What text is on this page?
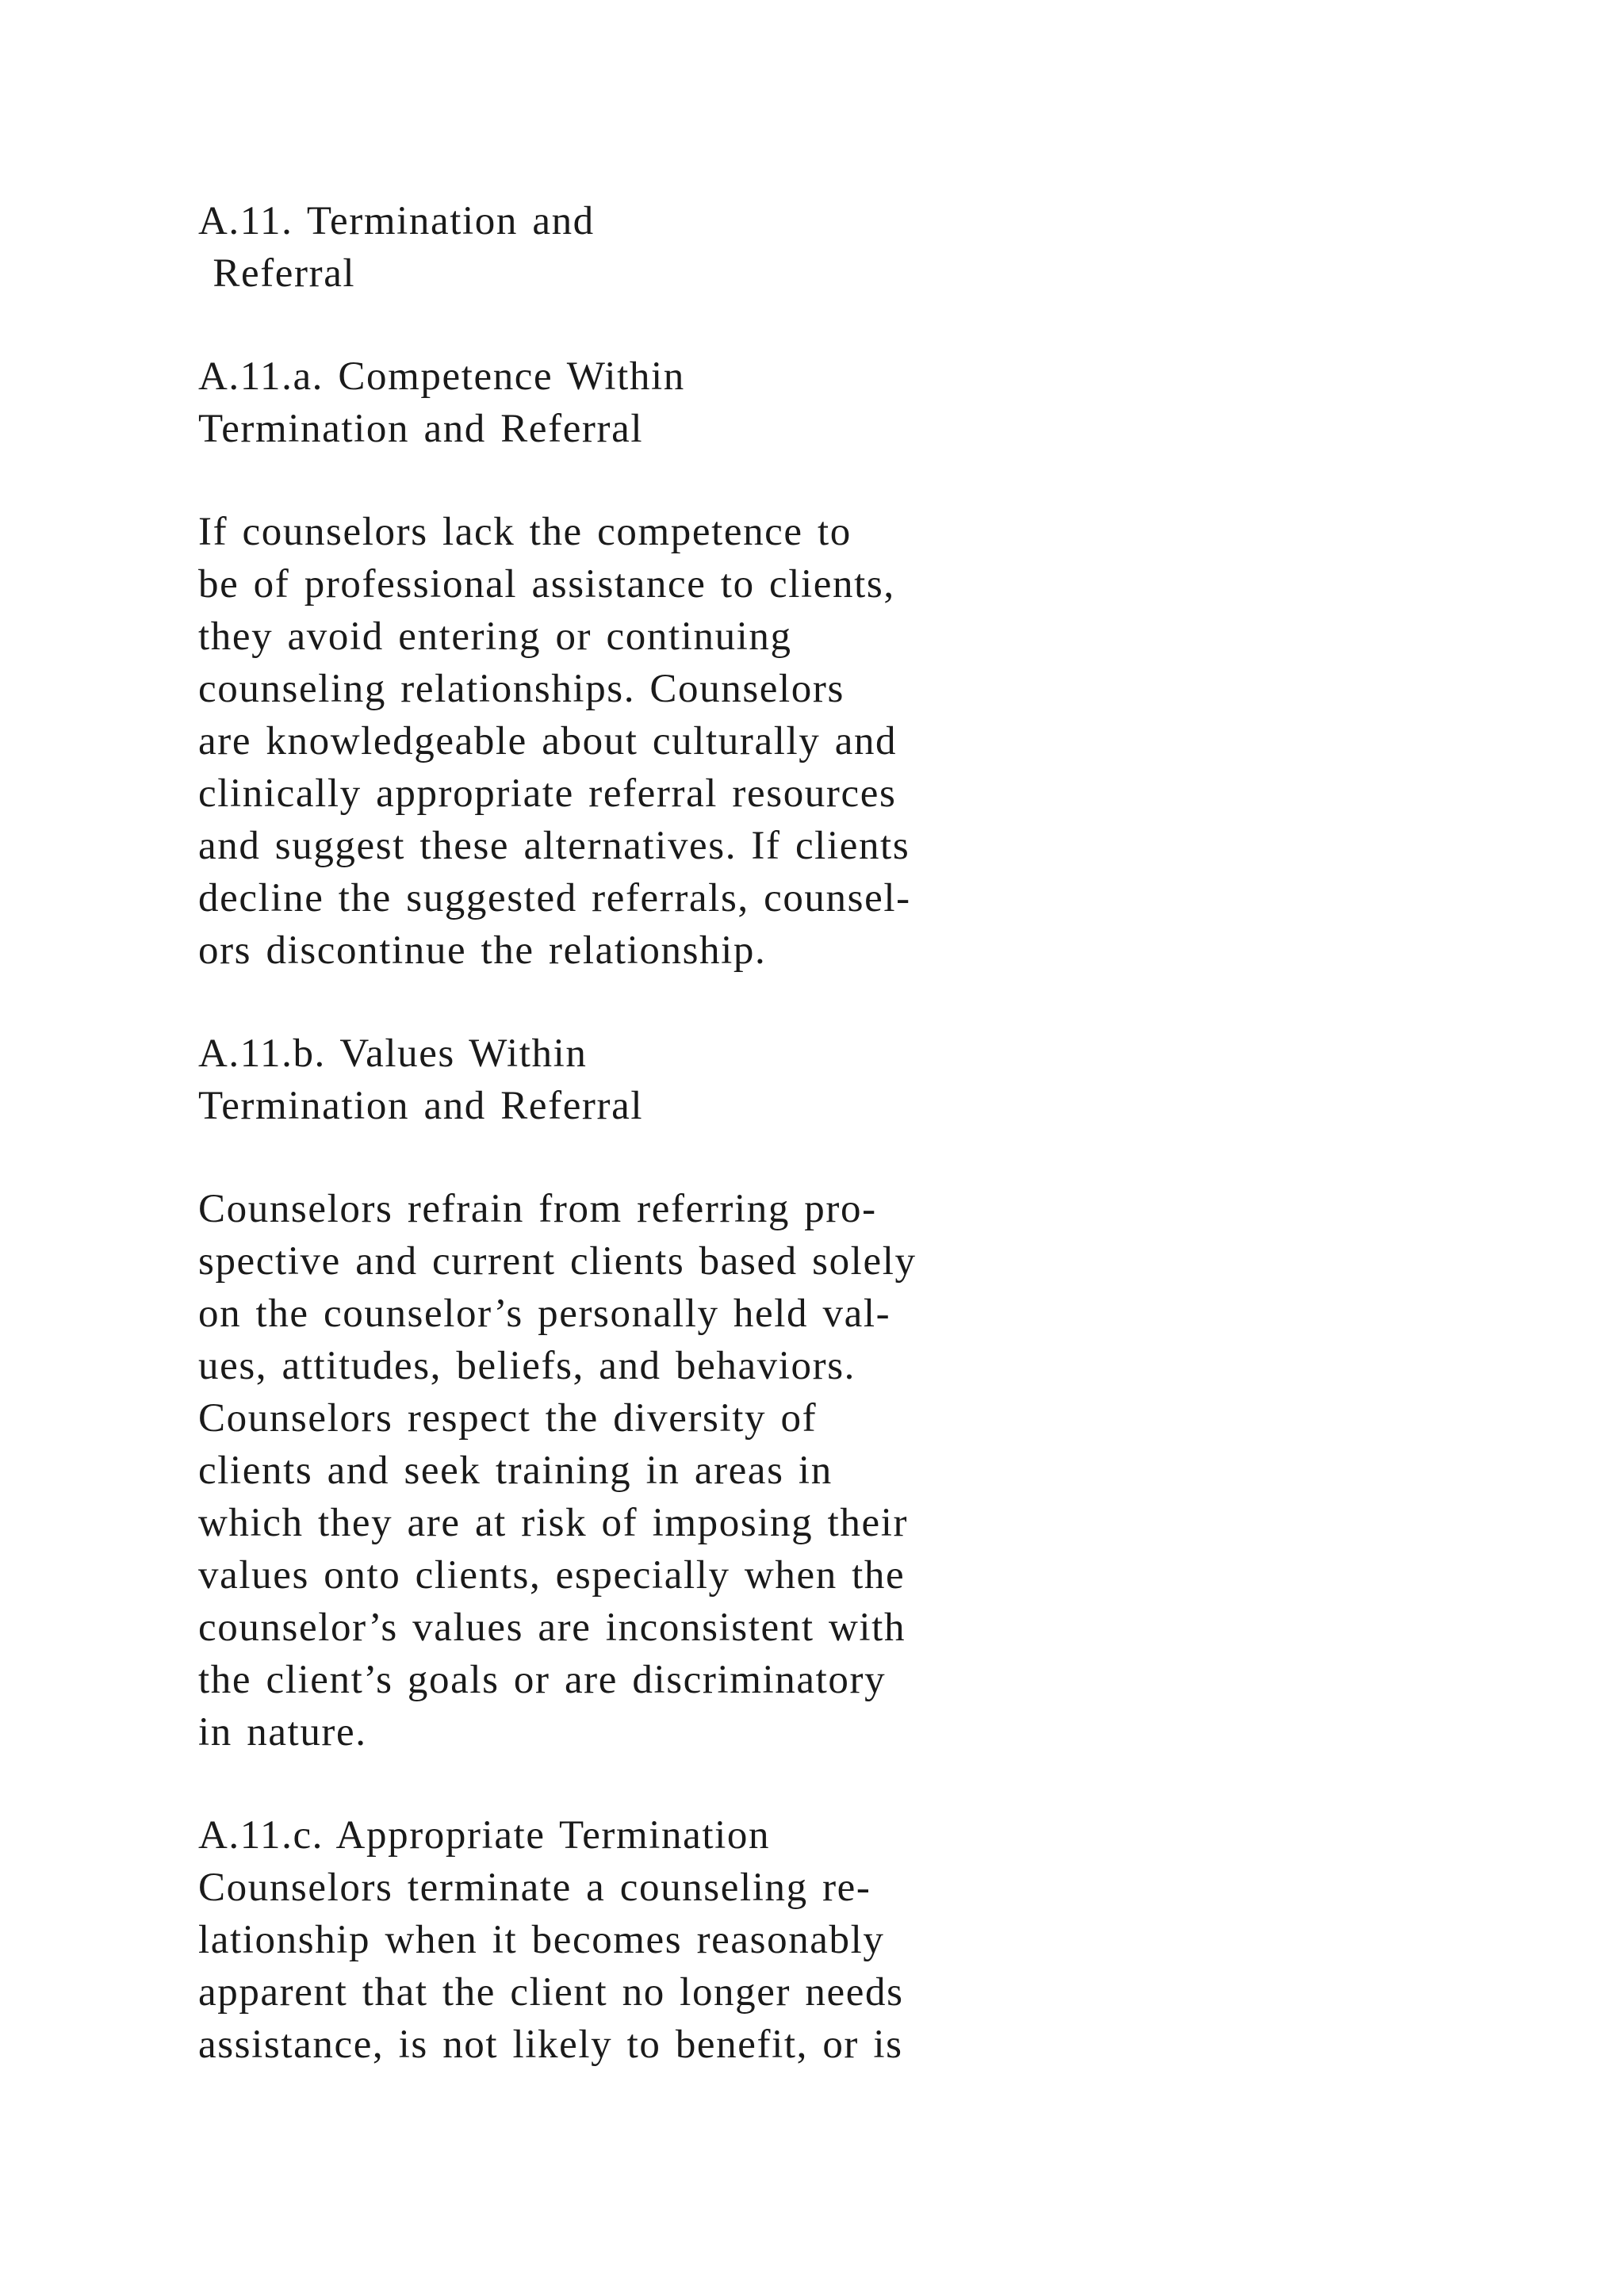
A.11. Termination and
Referral
A.11.a. Competence Within
Termination and Referral
If counselors lack the competence to
be of professional assistance to clients,
they avoid entering or continuing
counseling relationships. Counselors
are knowledgeable about culturally and
clinically appropriate referral resources
and suggest these alternatives. If clients
decline the suggested referrals, counsel-
ors discontinue the relationship.
A.11.b. Values Within
Termination and Referral
Counselors refrain from referring pro-
spective and current clients based solely
on the counselor’s personally held val-
ues, attitudes, beliefs, and behaviors.
Counselors respect the diversity of
clients and seek training in areas in
which they are at risk of imposing their
values onto clients, especially when the
counselor’s values are inconsistent with
the client’s goals or are discriminatory
in nature.
A.11.c. Appropriate Termination
Counselors terminate a counseling re-
lationship when it becomes reasonably
apparent that the client no longer needs
assistance, is not likely to benefit, or is
